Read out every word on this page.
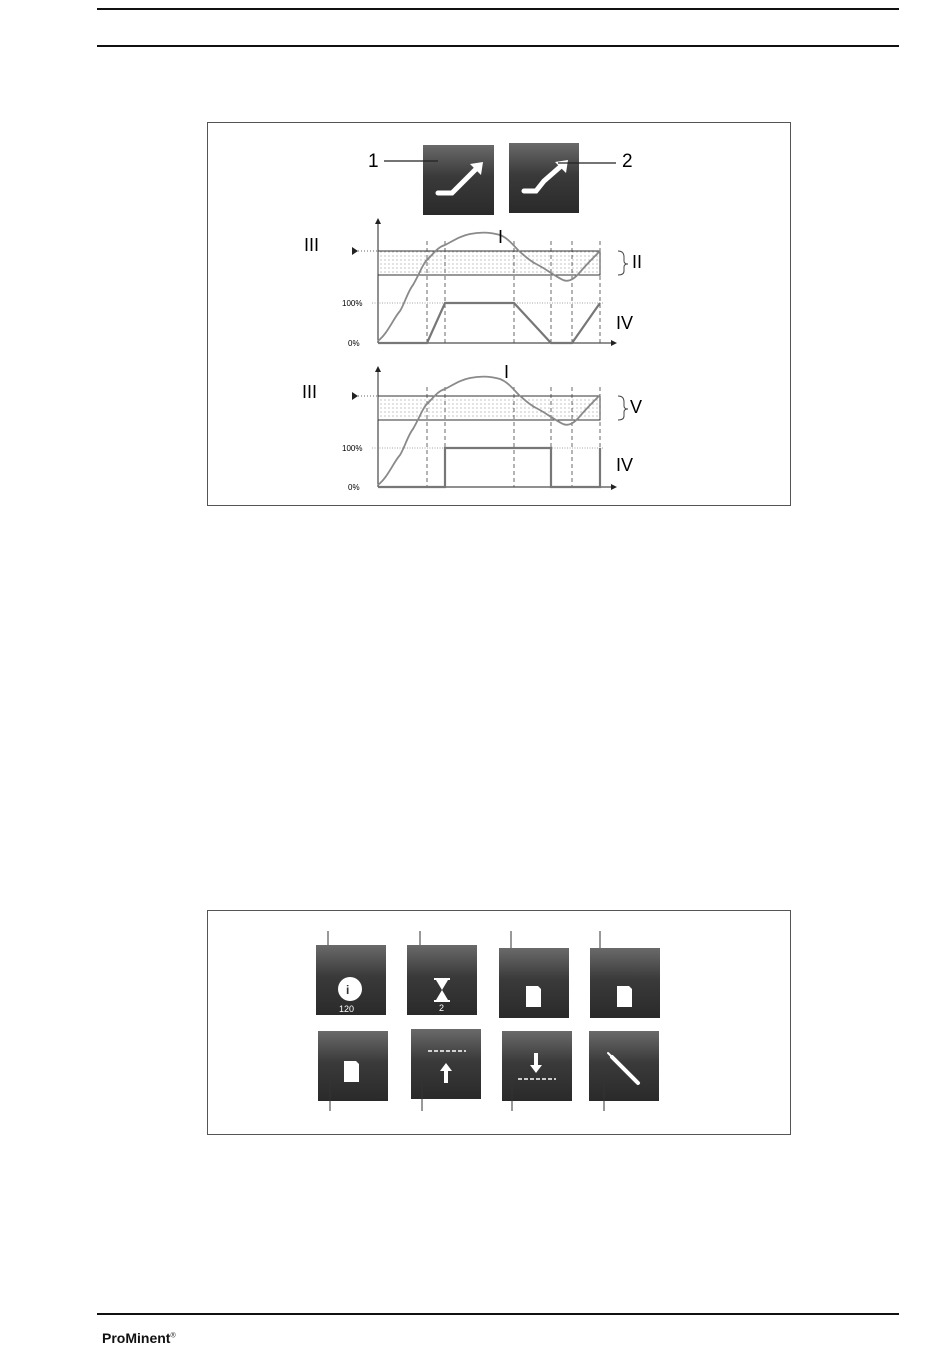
1	2
III	I
II
IV
100%
0%
III
I
V
IV
100%
0%
i
120	2
ProMinent®
